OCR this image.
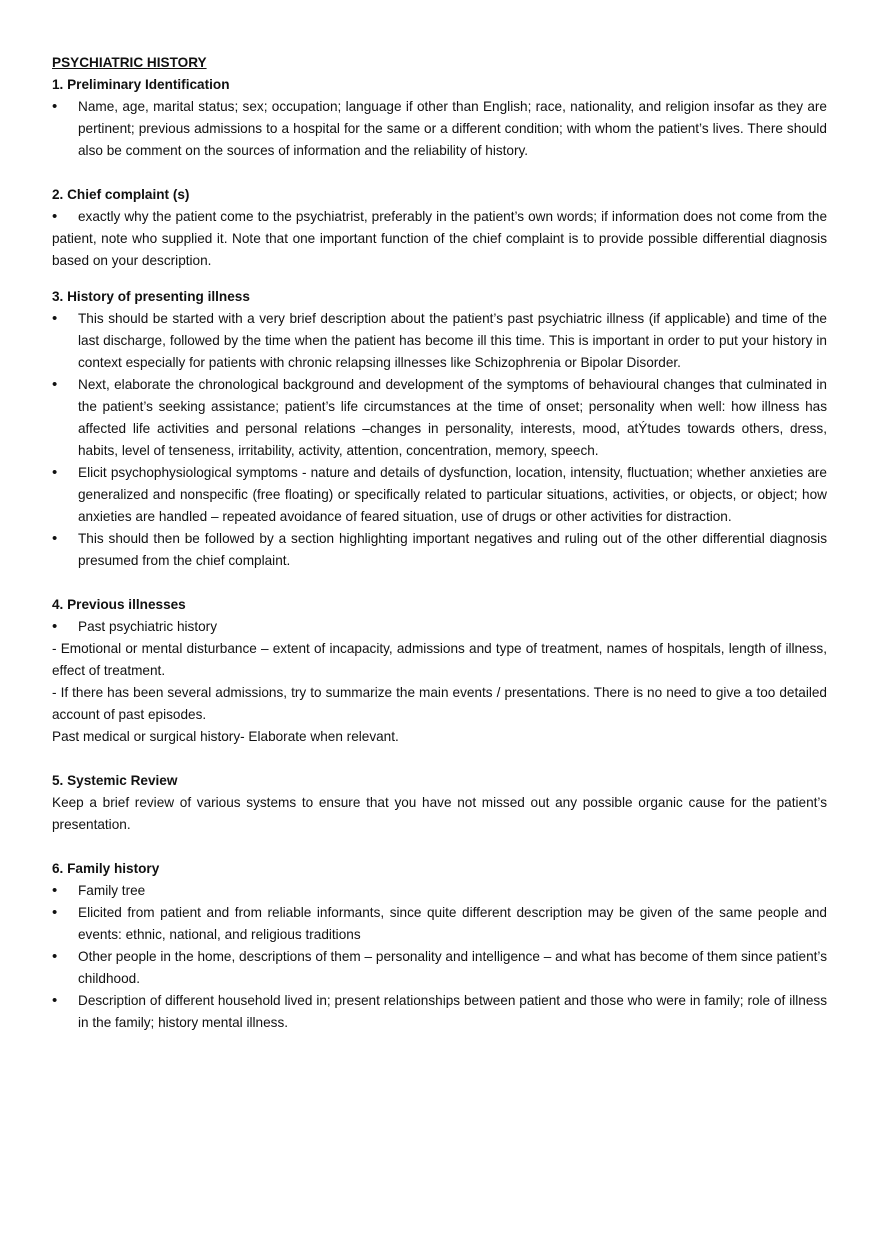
PSYCHIATRIC HISTORY
1. Preliminary Identification
• Name, age, marital status; sex; occupation; language if other than English; race, nationality, and religion insofar as they are pertinent; previous admissions to a hospital for the same or a different condition; with whom the patient’s lives. There should also be comment on the sources of information and the reliability of history.
2. Chief complaint (s)

• exactly why the patient come to the psychiatrist, preferably in the patient’s own words; if information does not come from the patient, note who supplied it. Note that one important function of the chief complaint is to provide possible differential diagnosis based on your description.

3. History of presenting illness
• This should be started with a very brief description about the patient’s past psychiatric illness (if applicable) and time of the last discharge, followed by the time when the patient has become ill this time. This is important in order to put your history in context especially for patients with chronic relapsing illnesses like Schizophrenia or Bipolar Disorder.
• Next, elaborate the chronological background and development of the symptoms of behavioural changes that culminated in the patient’s seeking assistance; patient’s life circumstances at the time of onset; personality when well: how illness has affected life activities and personal relations –changes in personality, interests, mood, atÝtudes towards others, dress, habits, level of tenseness, irritability, activity, attention, concentration, memory, speech.
• Elicit psychophysiological symptoms - nature and details of dysfunction, location, intensity, fluctuation; whether anxieties are generalized and nonspecific (free floating) or specifically related to particular situations, activities, or objects, or object; how anxieties are handled – repeated avoidance of feared situation, use of drugs or other activities for distraction.
• This should then be followed by a section highlighting important negatives and ruling out of the other differential diagnosis presumed from the chief complaint.
4. Previous illnesses
• Past psychiatric history

- Emotional or mental disturbance – extent of incapacity, admissions and type of treatment, names of hospitals, length of illness, effect of treatment.

- If there has been several admissions, try to summarize the main events / presentations. There is no need to give a too detailed account of past episodes.

Past medical or surgical history- Elaborate when relevant.

5. Systemic Review

Keep a brief review of various systems to ensure that you have not missed out any possible organic cause for the patient’s presentation.

6. Family history
• Family tree
• Elicited from patient and from reliable informants, since quite different description may be given of the same people and events: ethnic, national, and religious traditions
• Other people in the home, descriptions of them – personality and intelligence – and what has become of them since patient’s childhood.
• Description of different household lived in; present relationships between patient and those who were in family; role of illness in the family; history mental illness.
